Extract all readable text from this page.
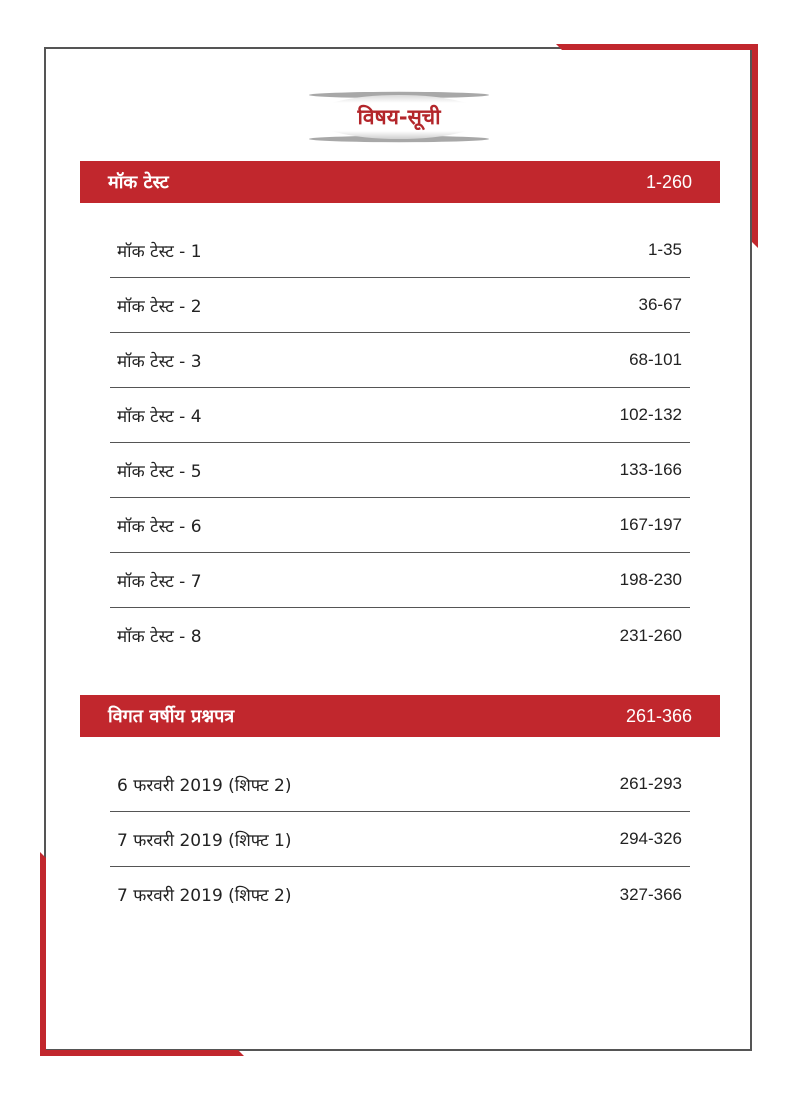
विषय-सूची
मॉक टेस्ट	1-260
मॉक टेस्ट - 1	1-35
मॉक टेस्ट - 2	36-67
मॉक टेस्ट - 3	68-101
मॉक टेस्ट - 4	102-132
मॉक टेस्ट - 5	133-166
मॉक टेस्ट - 6	167-197
मॉक टेस्ट - 7	198-230
मॉक टेस्ट - 8	231-260
विगत वर्षीय प्रश्नपत्र	261-366
6 फरवरी 2019 (शिफ्ट 2)	261-293
7 फरवरी 2019 (शिफ्ट 1)	294-326
7 फरवरी 2019 (शिफ्ट 2)	327-366
